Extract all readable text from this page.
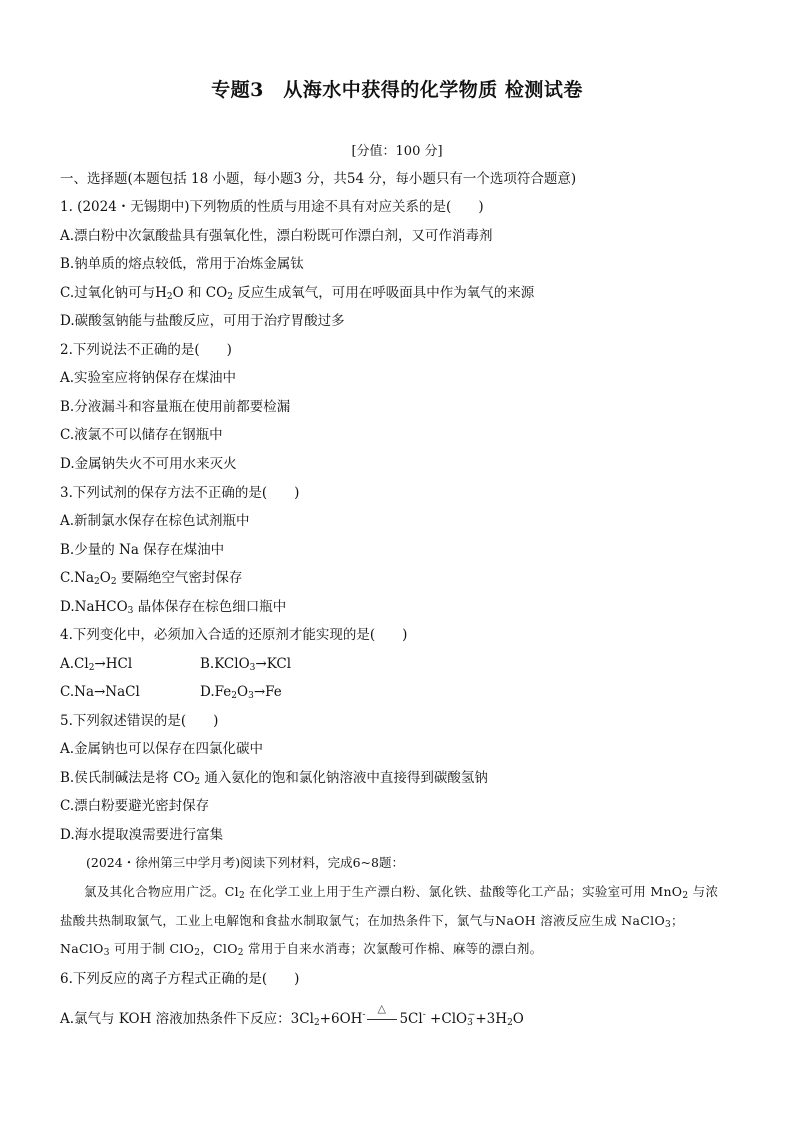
专题3　从海水中获得的化学物质 检测试卷
[分值：100 分]
一、选择题(本题包括 18 小题，每小题3 分，共54 分，每小题只有一个选项符合题意)
1. (2024・无锡期中)下列物质的性质与用途不具有对应关系的是(　　)
A.漂白粉中次氯酸盐具有强氧化性，漂白粉既可作漂白剂，又可作消毒剂
B.钠单质的熔点较低，常用于冶炼金属钛
C.过氧化钠可与$H_2O$ 和 $CO_2$ 反应生成氧气，可用在呼吸面具中作为氧气的来源
D.碳酸氢钠能与盐酸反应，可用于治疗胃酸过多
2.下列说法不正确的是(　　)
A.实验室应将钠保存在煤油中
B.分液漏斗和容量瓶在使用前都要检漏
C.液氯不可以储存在钢瓶中
D.金属钠失火不可用水来灭火
3.下列试剂的保存方法不正确的是(　　)
A.新制氯水保存在棕色试剂瓶中
B.少量的 Na 保存在煤油中
$C.Na_2O_2$ 要隔绝空气密封保存
D.NaHCO$_3$ 晶体保存在棕色细口瓶中
4.下列变化中，必须加入合适的还原剂才能实现的是(　　)
$A.Cl_2\to HCl$	B.KClO$_3$→KCl
C.Na→NaCl	$D.Fe_2O_3\to Fe$
5.下列叙述错误的是(　　)
A.金属钠也可以保存在四氯化碳中
B.侯氏制碱法是将 $CO_2$ 通入氨化的饱和氯化钠溶液中直接得到碳酸氢钠
C.漂白粉要避光密封保存
D.海水提取溴需要进行富集
(2024・徐州第三中学月考)阅读下列材料，完成6~8题：
氯及其化合物应用广泛。$Cl_2$ 在化学工业上用于生产漂白粉、氯化铁、盐酸等化工产品；实验室可用 MnO$_2$ 与浓盐酸共热制取氯气，工业上电解饱和食盐水制取氯气；在加热条件下，氯气与NaOH 溶液反应生成 NaClO$_3$；NaClO$_3$ 可用于制 ClO$_2$，ClO$_2$ 常用于自来水消毒；次氯酸可作棉、麻等的漂白剂。
6.下列反应的离子方程式正确的是(　　)
A.氯气与 KOH 溶液加热条件下反应：$3Cl_2+6OH^-$
△
$5Cl^- +ClO_3^-+3H_2O$
